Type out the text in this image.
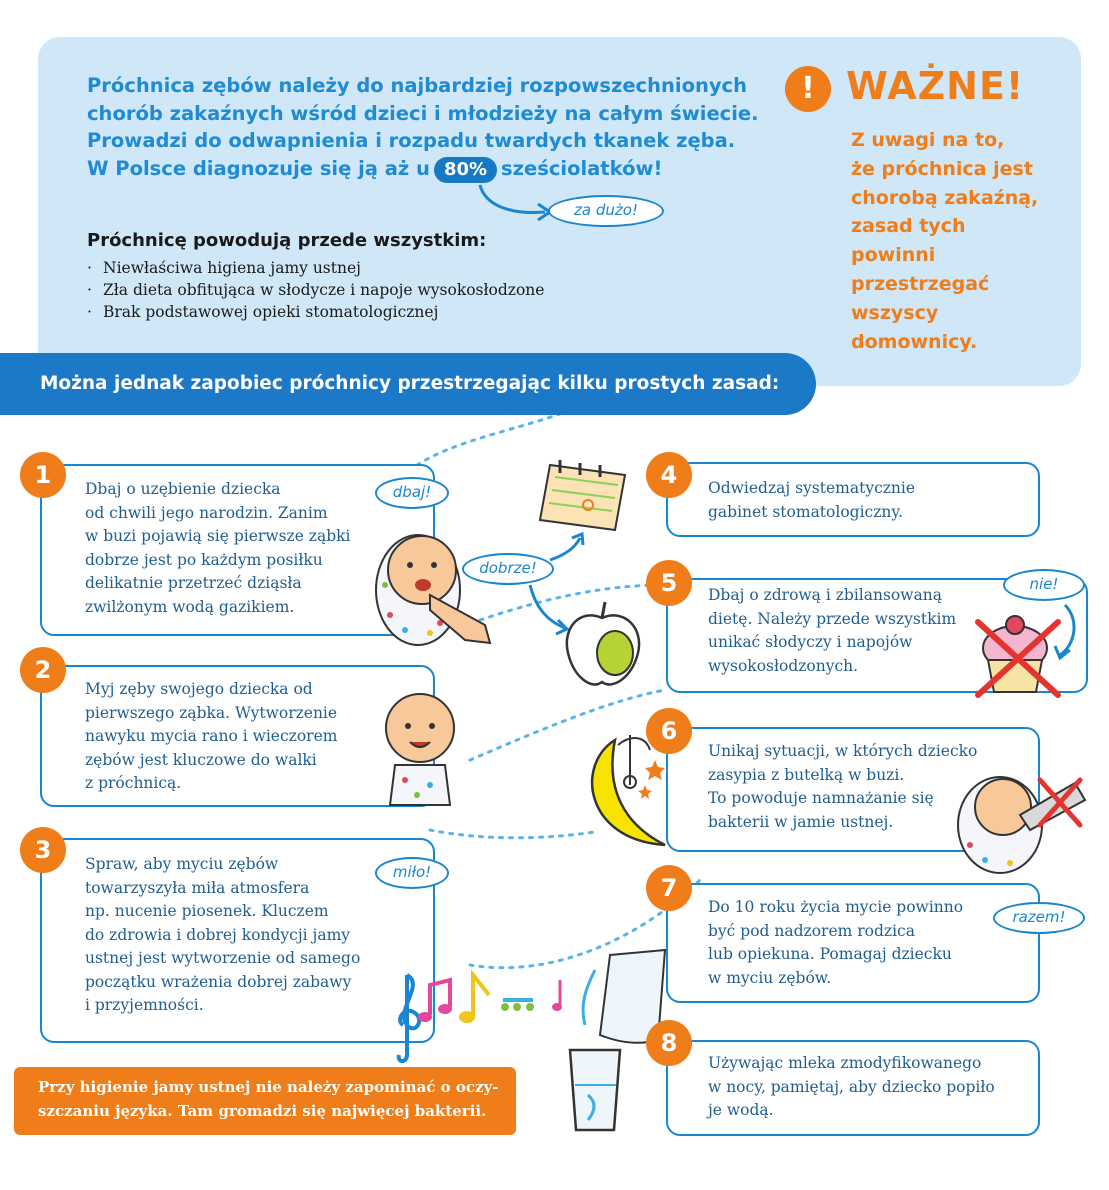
Próchnica zębów należy do najbardziej rozpowszechnionych
chorób zakaźnych wśród dzieci i młodzieży na całym świecie.
Prowadzi do odwapnienia i rozpadu twardych tkanek zęba.
W Polsce diagnozuje się ją aż u 80% sześciolatków!
za dużo!
Próchnicę powodują przede wszystkim:
· Niewłaściwa higiena jamy ustnej
· Zła dieta obfitująca w słodycze i napoje wysokosłodzone
· Brak podstawowej opieki stomatologicznej
! WAŻNE!
Z uwagi na to,
że próchnica jest
chorobą zakaźną,
zasad tych
powinni
przestrzegać
wszyscy
domownicy.
Można jednak zapobiec próchnicy przestrzegając kilku prostych zasad:
1	Dbaj o uzębienie dziecka
od chwili jego narodzin. Zanim
w buzi pojawią się pierwsze ząbki
dobrze jest po każdym posiłku
delikatnie przetrzeć dziąsła
zwilżonym wodą gazikiem.
dbaj!
dobrze!
2
Myj zęby swojego dziecka od
pierwszego ząbka. Wytworzenie
nawyku mycia rano i wieczorem
zębów jest kluczowe do walki
z próchnicą.
3	Spraw, aby myciu zębów
towarzyszyła miła atmosfera
np. nucenie piosenek. Kluczem
do zdrowia i dobrej kondycji jamy
ustnej jest wytworzenie od samego
początku wrażenia dobrej zabawy
i przyjemności.
miło!
Przy higienie jamy ustnej nie należy zapominać o oczy-
szczaniu języka. Tam gromadzi się najwięcej bakterii.
4	Odwiedzaj systematycznie
gabinet stomatologiczny.
5	Dbaj o zdrową i zbilansowaną
dietę. Należy przede wszystkim
unikać słodyczy i napojów
wysokosłodzonych.
nie!
6
Unikaj sytuacji, w których dziecko
zasypia z butelką w buzi.
To powoduje namnażanie się
bakterii w jamie ustnej.
7
Do 10 roku życia mycie powinno
być pod nadzorem rodzica
lub opiekuna. Pomagaj dziecku
w myciu zębów.
razem!
8
Używając mleka zmodyfikowanego
w nocy, pamiętaj, aby dziecko popiło
je wodą.
